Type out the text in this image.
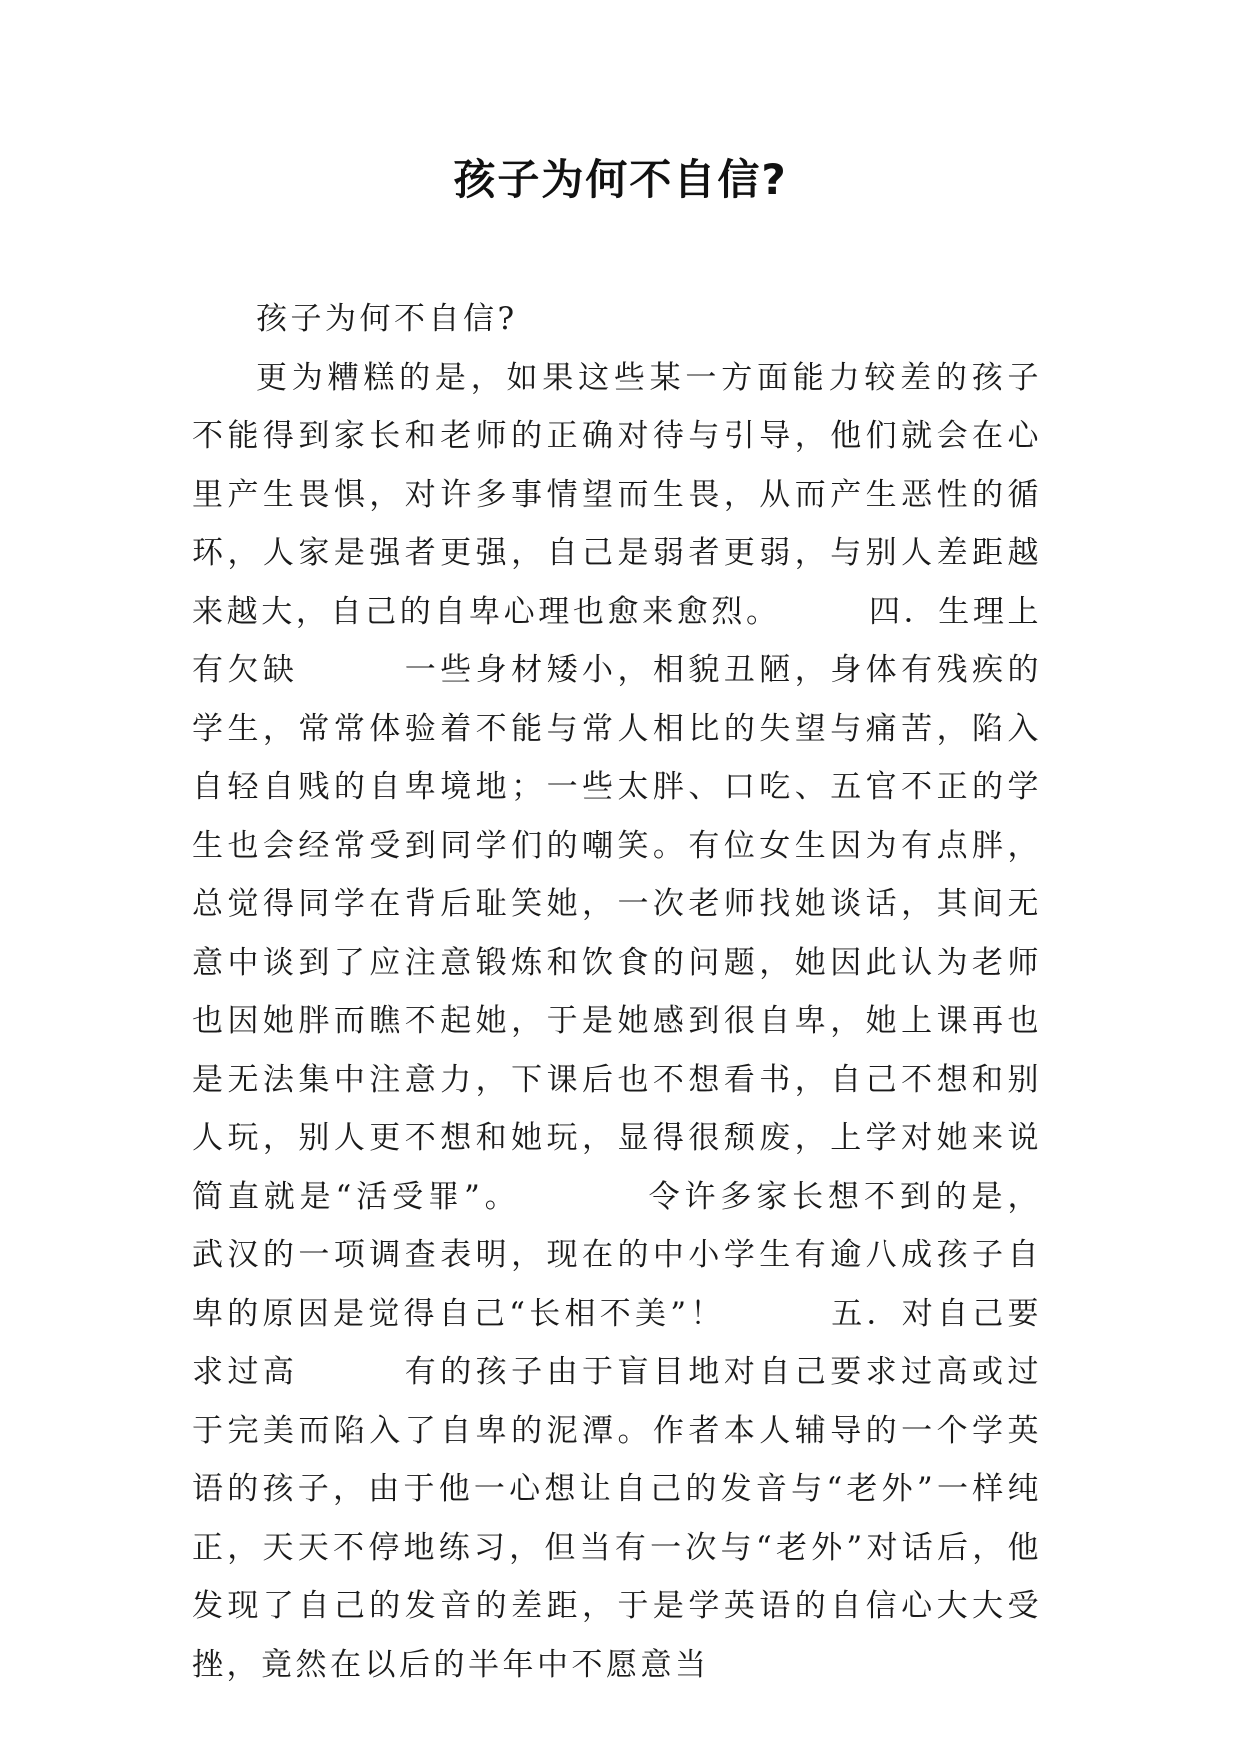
孩子为何不自信?

孩子为何不自信?

更为糟糕的是，如果这些某一方面能力较差的孩子不能得到家长和老师的正确对待与引导，他们就会在心里产生畏惧，对许多事情望而生畏，从而产生恶性的循环，人家是强者更强，自己是弱者更弱，与别人差距越来越大，自己的自卑心理也愈来愈烈。　　　四．生理上有欠缺　　　一些身材矮小，相貌丑陋，身体有残疾的学生，常常体验着不能与常人相比的失望与痛苦，陷入自轻自贱的自卑境地；一些太胖、口吃、五官不正的学生也会经常受到同学们的嘲笑。有位女生因为有点胖，总觉得同学在背后耻笑她，一次老师找她谈话，其间无意中谈到了应注意锻炼和饮食的问题，她因此认为老师也因她胖而瞧不起她，于是她感到很自卑，她上课再也是无法集中注意力，下课后也不想看书，自己不想和别人玩，别人更不想和她玩，显得很颓废，上学对她来说简直就是“活受罪”。　　　　令许多家长想不到的是，武汉的一项调查表明，现在的中小学生有逾八成孩子自卑的原因是觉得自己“长相不美”！　　　五．对自己要求过高　　　有的孩子由于盲目地对自己要求过高或过于完美而陷入了自卑的泥潭。作者本人辅导的一个学英语的孩子，由于他一心想让自己的发音与“老外”一样纯正，天天不停地练习，但当有一次与“老外”对话后，他发现了自己的发音的差距，于是学英语的自信心大大受挫，竟然在以后的半年中不愿意当
